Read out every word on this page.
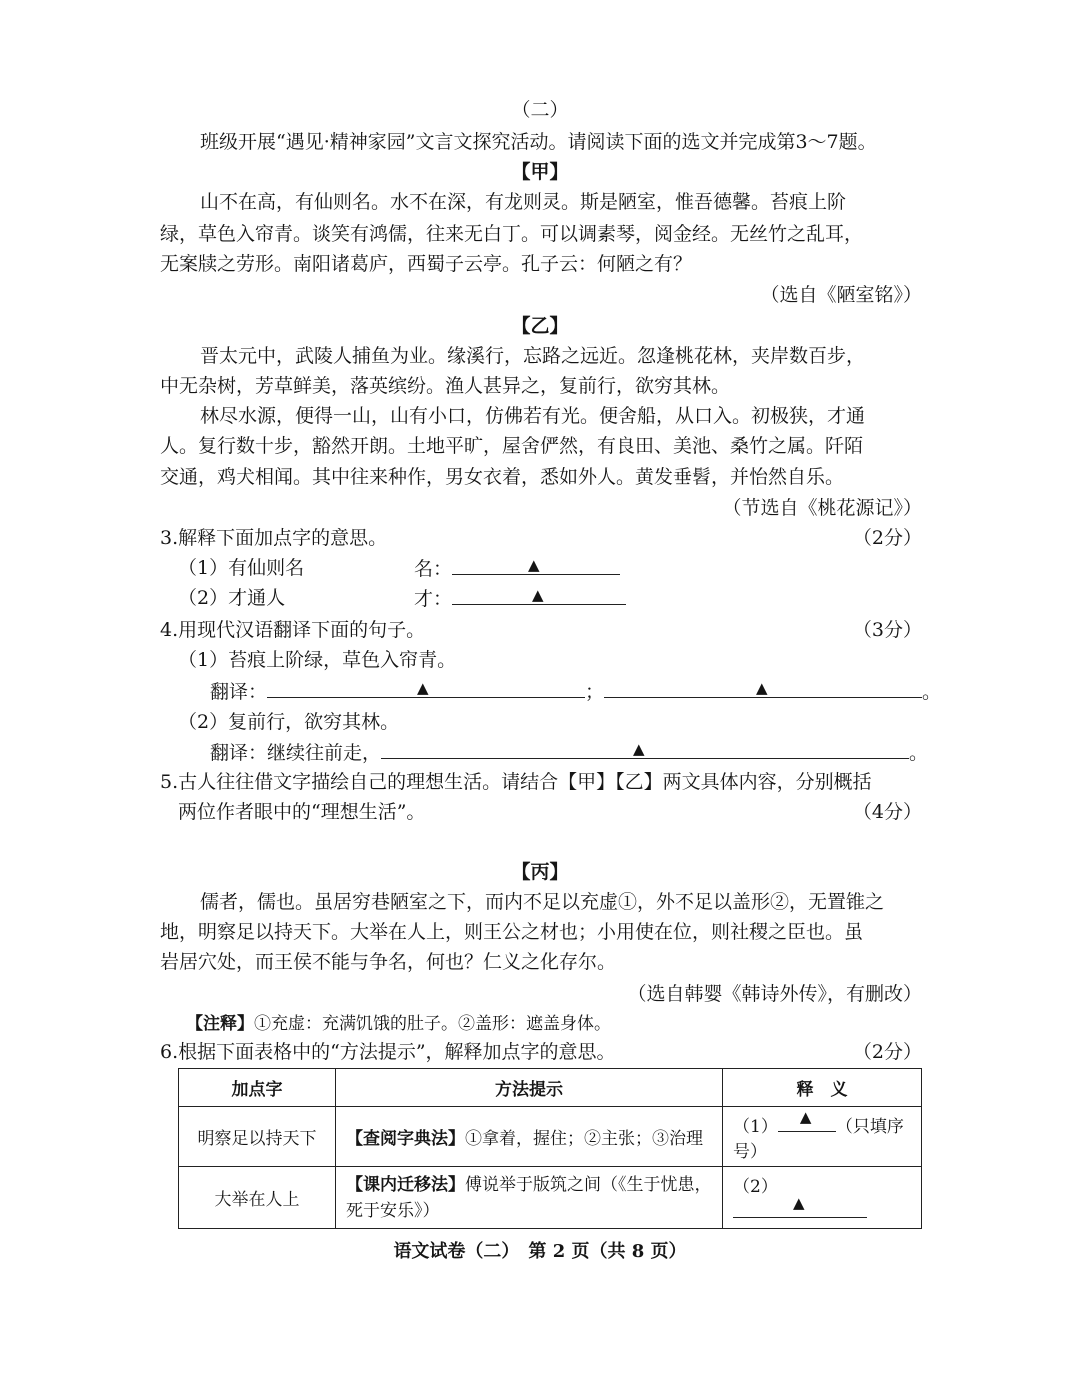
（二）
班级开展“遇见·精神家园”文言文探究活动。请阅读下面的选文并完成第3～7题。
【甲】
山不在高，有仙则名。水不在深，有龙则灵。斯是陋室，惟吾德馨。苔痕上阶
绿，草色入帘青。谈笑有鸿儒，往来无白丁。可以调素琴，阅金经。无丝竹之乱耳，
无案牍之劳形。南阳诸葛庐，西蜀子云亭。孔子云：何陋之有？
（选自《陋室铭》）
【乙】
晋太元中，武陵人捕鱼为业。缘溪行，忘路之远近。忽逢桃花林，夹岸数百步，
中无杂树，芳草鲜美，落英缤纷。渔人甚异之，复前行，欲穷其林。
林尽水源，便得一山，山有小口，仿佛若有光。便舍船，从口入。初极狭，才通
人。复行数十步，豁然开朗。土地平旷，屋舍俨然，有良田、美池、桑竹之属。阡陌
交通，鸡犬相闻。其中往来种作，男女衣着，悉如外人。黄发垂髫，并怡然自乐。
（节选自《桃花源记》）
3.解释下面加点字的意思。	（2分）
（1）有仙则名	名：	▲
（2）才通人	才：	▲
4.用现代汉语翻译下面的句子。	（3分）
（1）苔痕上阶绿，草色入帘青。
翻译：	▲	；	▲	。
（2）复前行，欲穷其林。
翻译：继续往前走，	▲	。
5.古人往往借文字描绘自己的理想生活。请结合【甲】【乙】两文具体内容，分别概括
两位作者眼中的“理想生活”。	（4分）
【丙】
儒者，儒也。虽居穷巷陋室之下，而内不足以充虚①，外不足以盖形②，无置锥之
地，明察足以持天下。大举在人上，则王公之材也；小用使在位，则社稷之臣也。虽
岩居穴处，而王侯不能与争名，何也？仁义之化存尔。
（选自韩婴《韩诗外传》，有删改）
【注释】①充虚：充满饥饿的肚子。②盖形：遮盖身体。
6.根据下面表格中的“方法提示”，解释加点字的意思。	（2分）
加点字	方法提示	释　义
明察足以持天下	【查阅字典法】①拿着，握住；②主张；③治理	（1） ▲ （只填序号）
大举在人上	【课内迁移法】傅说举于版筑之间（《生于忧患，死于安乐》）	（2）
▲
语文试卷（二）　第 2 页（共 8 页）
